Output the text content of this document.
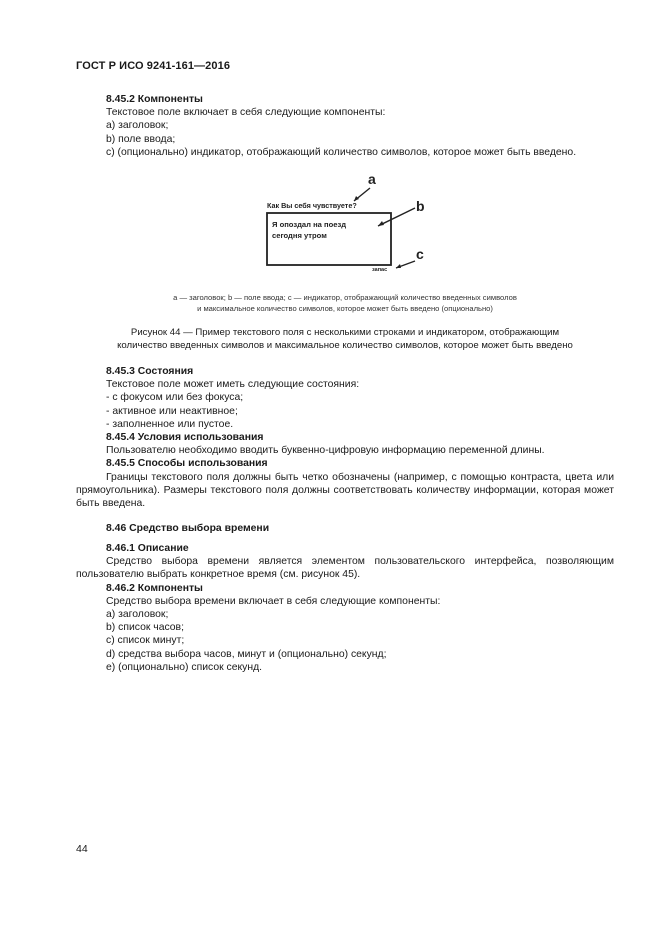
ГОСТ Р ИСО 9241-161—2016
8.45.2 Компоненты
Текстовое поле включает в себя следующие компоненты:
а) заголовок;
b) поле ввода;
с) (опционально) индикатор, отображающий количество символов, которое может быть введено.
a
Как Вы себя чувствуете?
Я опоздал на поезд
сегодня утром
b
запас
c
а — заголовок; b — поле ввода; с — индикатор, отображающий количество введенных символов
и максимальное количество символов, которое может быть введено (опционально)
Рисунок 44 — Пример текстового поля с несколькими строками и индикатором, отображающим
количество введенных символов и максимальное количество символов, которое может быть введено
8.45.3 Состояния
Текстовое поле может иметь следующие состояния:
- с фокусом или без фокуса;
- активное или неактивное;
- заполненное или пустое.
8.45.4 Условия использования
Пользователю необходимо вводить буквенно-цифровую информацию переменной длины.
8.45.5 Способы использования
Границы текстового поля должны быть четко обозначены (например, с помощью контраста, цвета или прямоугольника). Размеры текстового поля должны соответствовать количеству информации, которая может быть введена.
8.46 Средство выбора времени
8.46.1 Описание
Средство выбора времени является элементом пользовательского интерфейса, позволяющим пользователю выбрать конкретное время (см. рисунок 45).
8.46.2 Компоненты
Средство выбора времени включает в себя следующие компоненты:
а) заголовок;
b) список часов;
с) список минут;
d) средства выбора часов, минут и (опционально) секунд;
е) (опционально) список секунд.
44
